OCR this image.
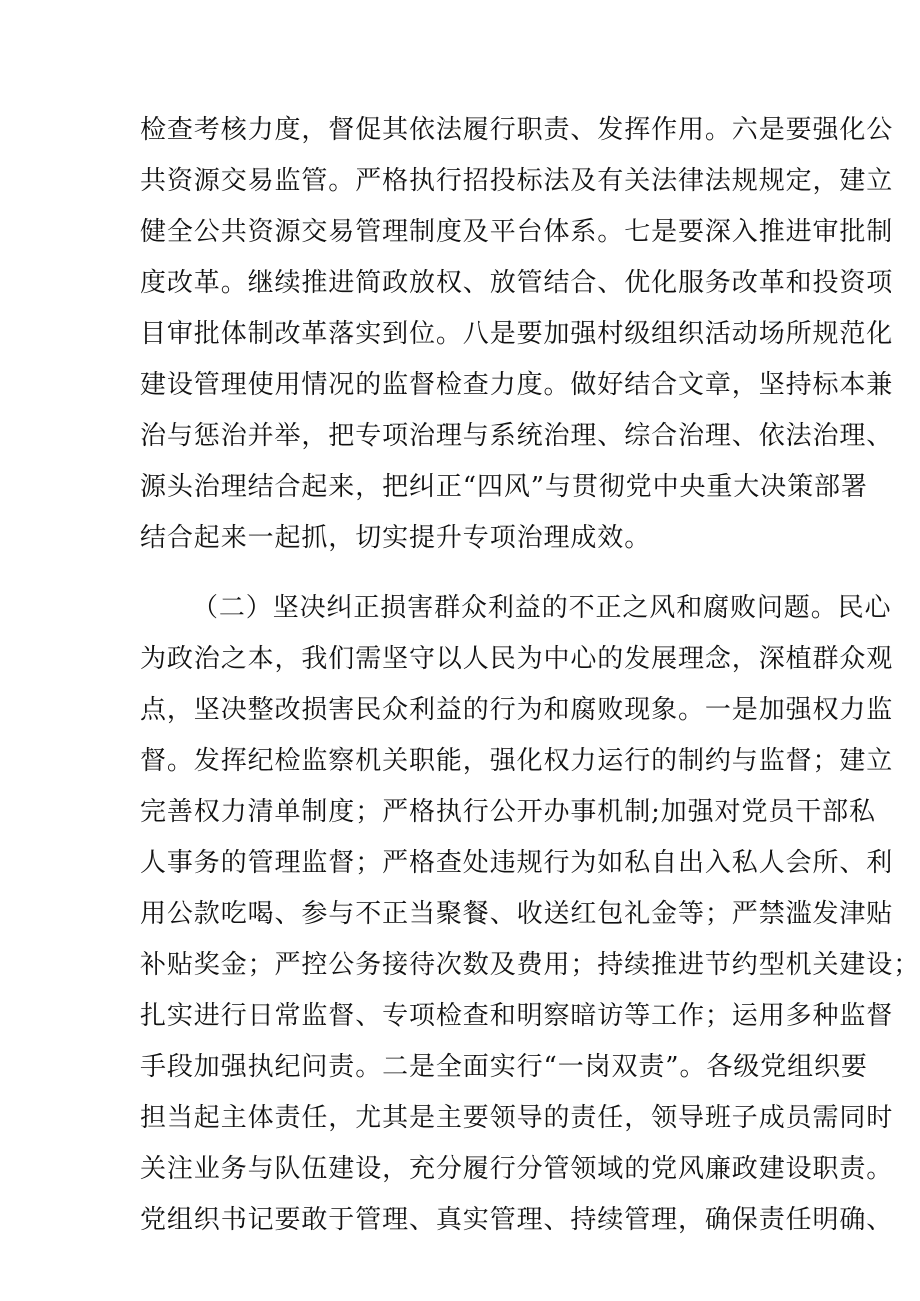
检查考核力度，督促其依法履行职责、发挥作用。六是要强化公
共资源交易监管。严格执行招投标法及有关法律法规规定，建立
健全公共资源交易管理制度及平台体系。七是要深入推进审批制
度改革。继续推进简政放权、放管结合、优化服务改革和投资项
目审批体制改革落实到位。八是要加强村级组织活动场所规范化
建设管理使用情况的监督检查力度。做好结合文章，坚持标本兼
治与惩治并举，把专项治理与系统治理、综合治理、依法治理、
源头治理结合起来，把纠正“四风”与贯彻党中央重大决策部署
结合起来一起抓，切实提升专项治理成效。
（二）坚决纠正损害群众利益的不正之风和腐败问题。民心
为政治之本，我们需坚守以人民为中心的发展理念，深植群众观
点，坚决整改损害民众利益的行为和腐败现象。一是加强权力监
督。发挥纪检监察机关职能，强化权力运行的制约与监督；建立
完善权力清单制度；严格执行公开办事机制;加强对党员干部私
人事务的管理监督；严格查处违规行为如私自出入私人会所、利
用公款吃喝、参与不正当聚餐、收送红包礼金等；严禁滥发津贴
补贴奖金；严控公务接待次数及费用；持续推进节约型机关建设；
扎实进行日常监督、专项检查和明察暗访等工作；运用多种监督
手段加强执纪问责。二是全面实行“一岗双责”。各级党组织要
担当起主体责任，尤其是主要领导的责任，领导班子成员需同时
关注业务与队伍建设，充分履行分管领域的党风廉政建设职责。
党组织书记要敢于管理、真实管理、持续管理，确保责任明确、
